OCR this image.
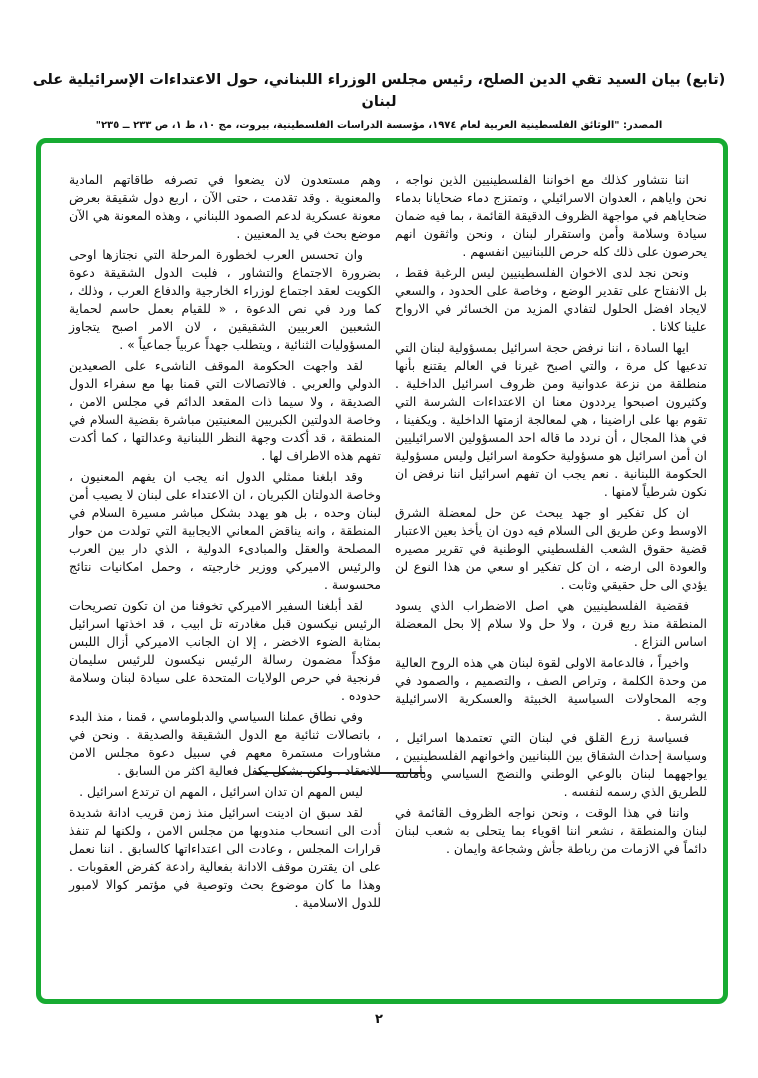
(تابع) بيان السيد تقي الدين الصلح، رئيس مجلس الوزراء اللبناني، حول الاعتداءات الإسرائيلية على لبنان
المصدر: "الوثائق الفلسطينية العربية لعام ١٩٧٤، مؤسسة الدراسات الفلسطينية، بيروت، مج ١٠، ط ١، ص ٢٣٣ ــ ٢٣٥"

وهم مستعدون لان يضعوا في تصرفه طاقاتهم المادية والمعنوية . وقد تقدمت ، حتى الآن ، اربع دول شقيقة بعرض معونة عسكرية لدعم الصمود اللبناني ، وهذه المعونة هي الآن موضع بحث في يد المعنيين .

وان تحسس العرب لخطورة المرحلة التي نجتازها اوحى بضرورة الاجتماع والتشاور ، فلبت الدول الشقيقة دعوة الكويت لعقد اجتماع لوزراء الخارجية والدفاع العرب ، وذلك ، كما ورد في نص الدعوة ، « للقيام بعمل حاسم لحماية الشعبين العربيين الشقيقين ، لان الامر اصبح يتجاوز المسؤوليات الثنائية ، ويتطلب جهداً عربياً جماعياً » .

لقد واجهت الحكومة الموقف الناشىء على الصعيدين الدولي والعربي . فالاتصالات التي قمنا بها مع سفراء الدول الصديقة ، ولا سيما ذات المقعد الدائم في مجلس الامن ، وخاصة الدولتين الكبريين المعنيتين مباشرة بقضية السلام في المنطقة ، قد أكدت وجهة النظر اللبنانية وعدالتها ، كما أكدت تفهم هذه الاطراف لها .

وقد ابلغنا ممثلي الدول انه يجب ان يفهم المعنيون ، وخاصة الدولتان الكبريان ، ان الاعتداء على لبنان لا يصيب أمن لبنان وحده ، بل هو يهدد بشكل مباشر مسيرة السلام في المنطقة ، وانه يناقض المعاني الايجابية التي تولدت من حوار المصلحة والعقل والمبادىء الدولية ، الذي دار بين العرب والرئيس الاميركي ووزير خارجيته ، وحمل امكانيات نتائج محسوسة .

لقد أبلغنا السفير الاميركي تخوفنا من ان تكون تصريحات الرئيس نيكسون قبل مغادرته تل ابيب ، قد اخذتها اسرائيل بمثابة الضوء الاخضر ، إلا ان الجانب الاميركي أزال اللبس مؤكداً مضمون رسالة الرئيس نيكسون للرئيس سليمان فرنجية في حرص الولايات المتحدة على سيادة لبنان وسلامة حدوده .

وفي نطاق عملنا السياسي والدبلوماسي ، قمنا ، منذ البدء ، باتصالات ثنائية مع الدول الشقيقة والصديقة . ونحن في مشاورات مستمرة معهم في سبيل دعوة مجلس الامن للانعقاد ، ولكن بشكل يكفل فعالية اكثر من السابق .

ليس المهم ان تدان اسرائيل ، المهم ان ترتدع اسرائيل .

لقد سبق ان ادينت اسرائيل منذ زمن قريب ادانة شديدة أدت الى انسحاب مندوبها من مجلس الامن ، ولكنها لم تنفذ قرارات المجلس ، وعادت الى اعتداءاتها كالسابق . اننا نعمل على ان يقترن موقف الادانة بفعالية رادعة كفرض العقوبات . وهذا ما كان موضوع بحث وتوصية في مؤتمر كوالا لامبور للدول الاسلامية .

اننا نتشاور كذلك مع اخواننا الفلسطينيين الذين نواجه ، نحن واياهم ، العدوان الاسرائيلي ، وتمتزج دماء ضحايانا بدماء ضحاياهم في مواجهة الظروف الدقيقة القائمة ، بما فيه ضمان سيادة وسلامة وأمن واستقرار لبنان ، ونحن واثقون انهم يحرصون على ذلك كله حرص اللبنانيين انفسهم .

ونحن نجد لدى الاخوان الفلسطينيين ليس الرغبة فقط ، بل الانفتاح على تقدير الوضع ، وخاصة على الحدود ، والسعي لايجاد افضل الحلول لتفادي المزيد من الخسائر في الارواح علينا كلانا .

ايها السادة ، اننا نرفض حجة اسرائيل بمسؤولية لبنان التي تدعيها كل مرة ، والتي اصبح غيرنا في العالم يقتنع بأنها منطلقة من نزعة عدوانية ومن ظروف اسرائيل الداخلية . وكثيرون اصبحوا يرددون معنا ان الاعتداءات الشرسة التي تقوم بها على اراضينا ، هي لمعالجة ازمتها الداخلية . ويكفينا ، في هذا المجال ، أن نردد ما قاله احد المسؤولين الاسرائيليين ان أمن اسرائيل هو مسؤولية حكومة اسرائيل وليس مسؤولية الحكومة اللبنانية . نعم يجب ان تفهم اسرائيل اننا نرفض ان نكون شرطياً لامنها .

ان كل تفكير او جهد يبحث عن حل لمعضلة الشرق الاوسط وعن طريق الى السلام فيه دون ان يأخذ بعين الاعتبار قضية حقوق الشعب الفلسطيني الوطنية في تقرير مصيره والعودة الى ارضه ، ان كل تفكير او سعي من هذا النوع لن يؤدي الى حل حقيقي وثابت .

فقضية الفلسطينيين هي اصل الاضطراب الذي يسود المنطقة منذ ربع قرن ، ولا حل ولا سلام إلا بحل المعضلة اساس النزاع .

واخيراً ، فالدعامة الاولى لقوة لبنان هي هذه الروح العالية من وحدة الكلمة ، وتراص الصف ، والتصميم ، والصمود في وجه المحاولات السياسية الخبيثة والعسكرية الاسرائيلية الشرسة .

فسياسة زرع القلق في لبنان التي تعتمدها اسرائيل ، وسياسة إحداث الشقاق بين اللبنانيين واخوانهم الفلسطينيين ، يواجههما لبنان بالوعي الوطني والنضج السياسي وبأمانته للطريق الذي رسمه لنفسه .

واننا في هذا الوقت ، ونحن نواجه الظروف القائمة في لبنان والمنطقة ، نشعر اننا اقوياء بما يتحلى به شعب لبنان دائماً في الازمات من رباطة جأش وشجاعة وايمان .

٢
